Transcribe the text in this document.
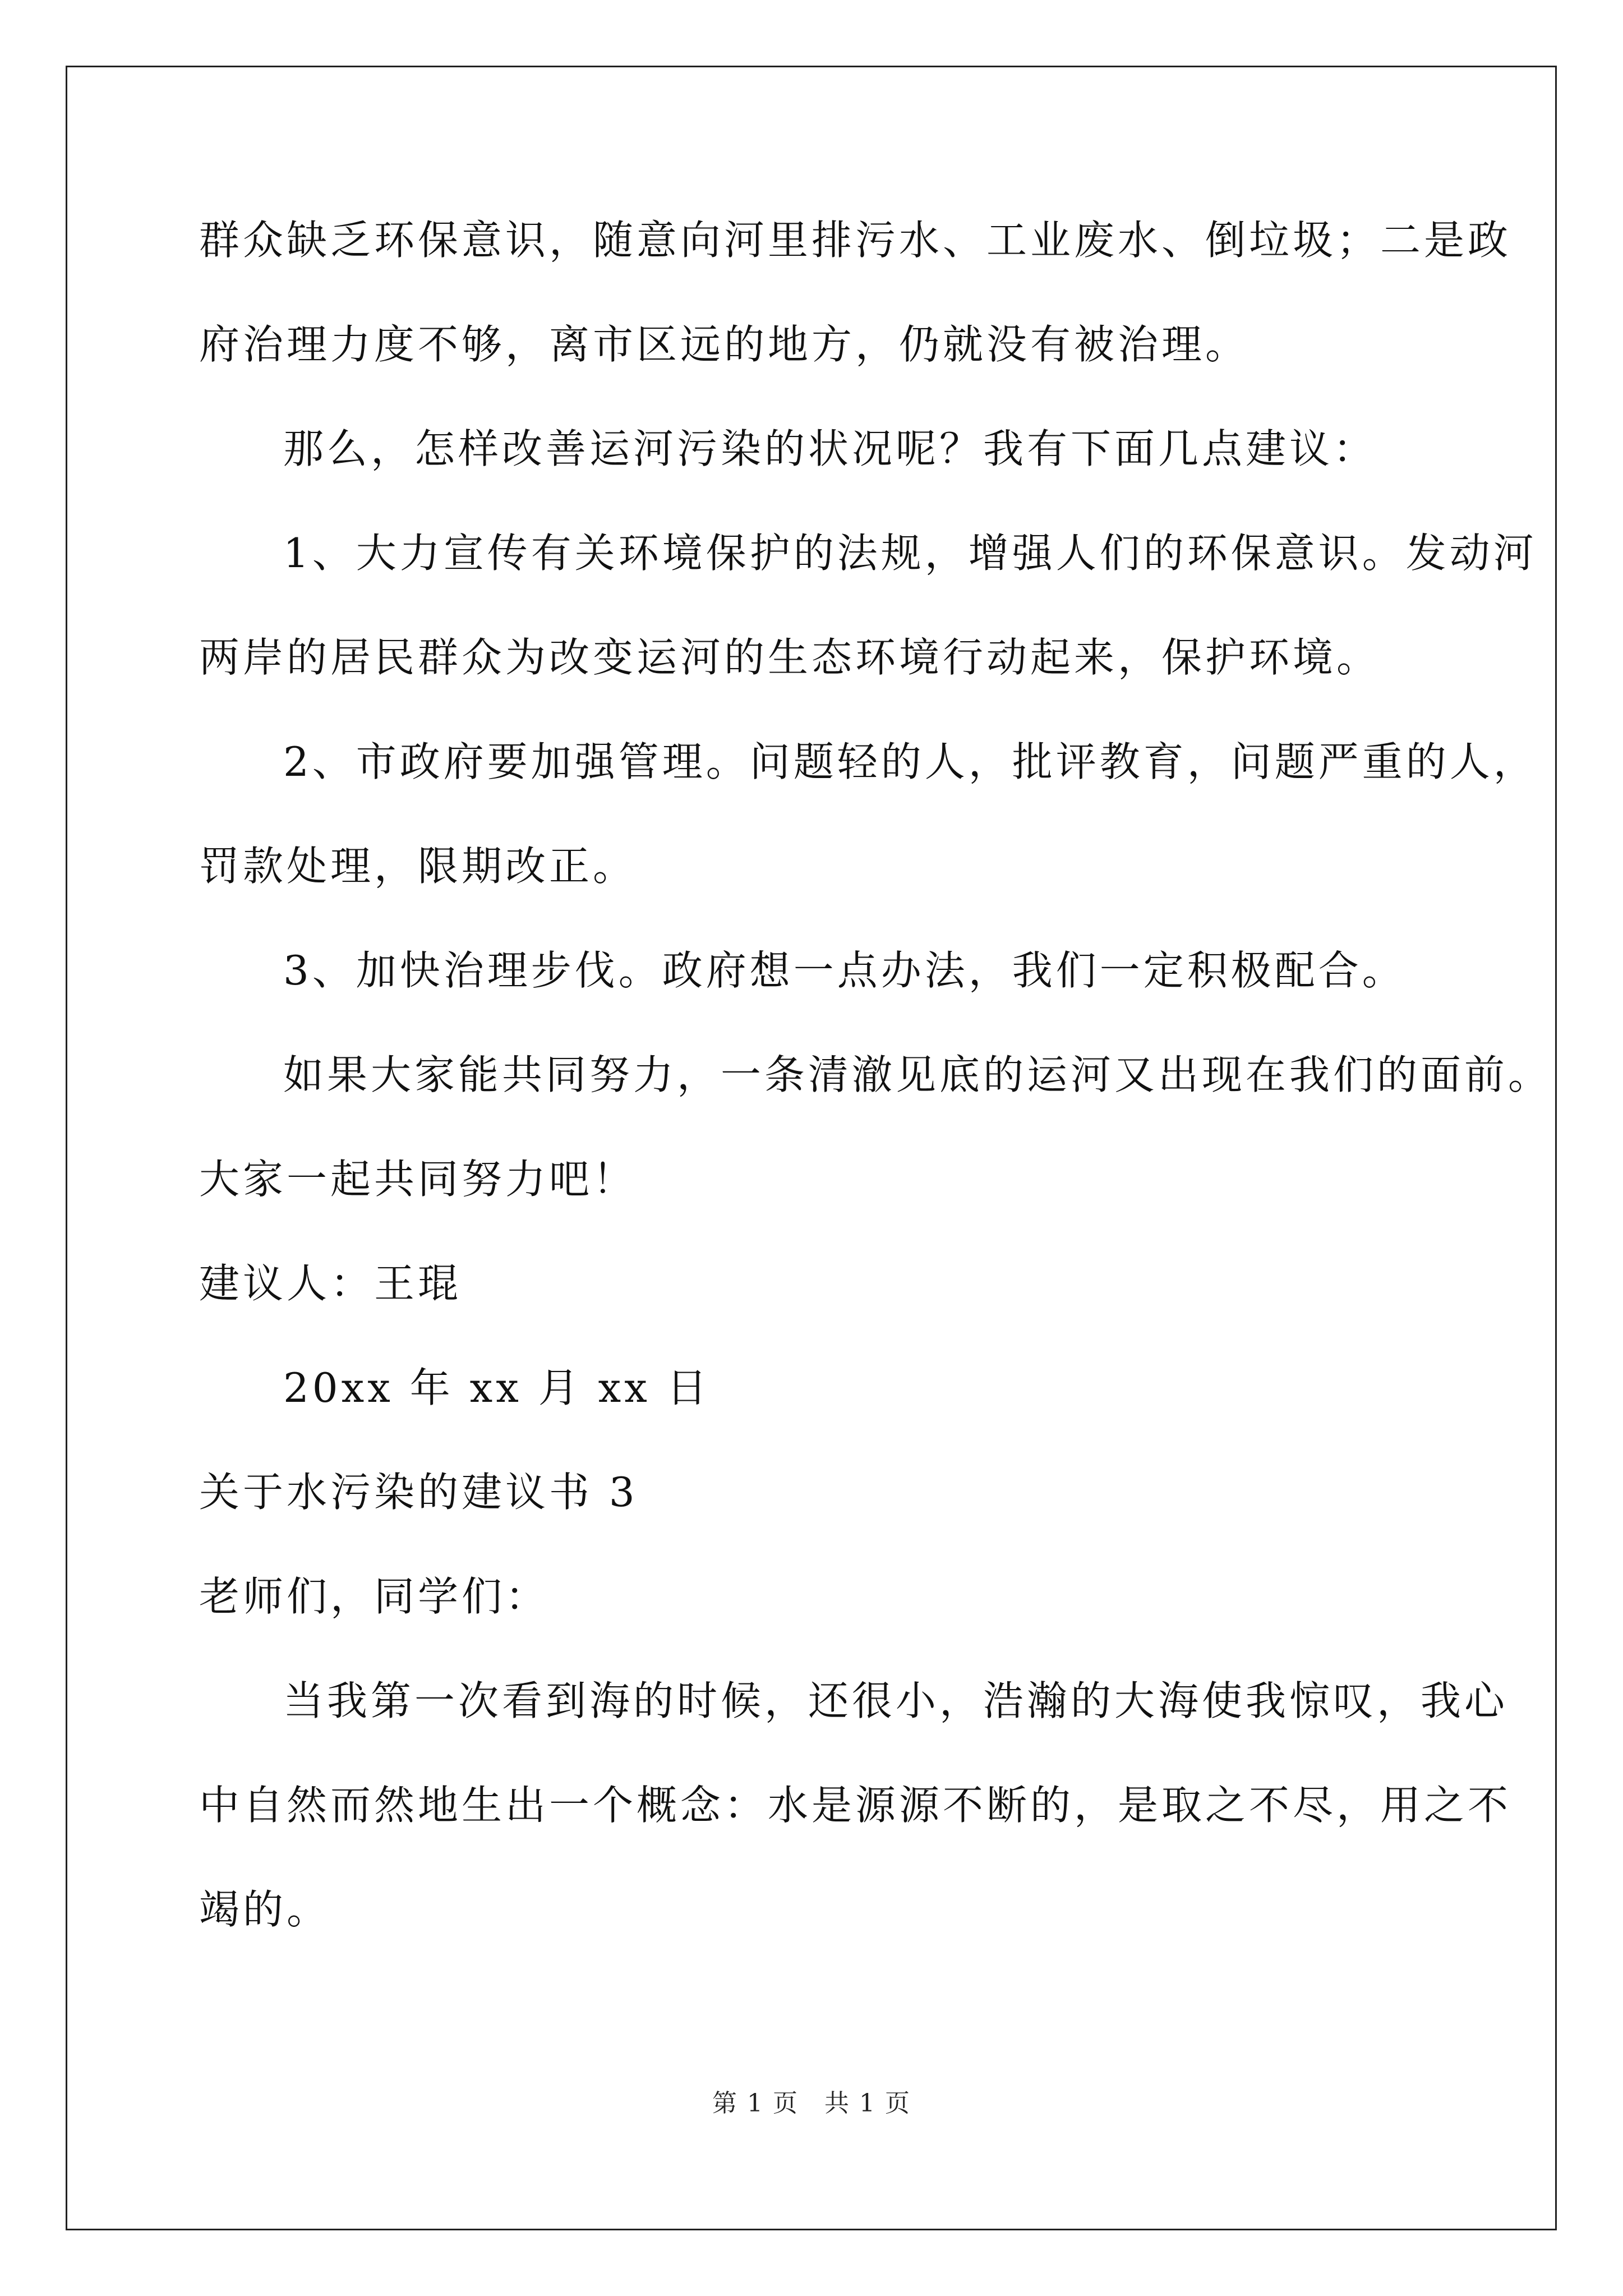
群众缺乏环保意识，随意向河里排污水、工业废水、倒垃圾；二是政
府治理力度不够，离市区远的地方，仍就没有被治理。
那么，怎样改善运河污染的状况呢？我有下面几点建议：
1、大力宣传有关环境保护的法规，增强人们的环保意识。发动河
两岸的居民群众为改变运河的生态环境行动起来，保护环境。
2、市政府要加强管理。问题轻的人，批评教育，问题严重的人，
罚款处理，限期改正。
3、加快治理步伐。政府想一点办法，我们一定积极配合。
如果大家能共同努力，一条清澈见底的运河又出现在我们的面前。
大家一起共同努力吧！
建议人：王琨
20xx 年 xx 月 xx 日
关于水污染的建议书 3
老师们，同学们：
当我第一次看到海的时候，还很小，浩瀚的大海使我惊叹，我心
中自然而然地生出一个概念：水是源源不断的，是取之不尽，用之不
竭的。
第 1 页　共 1 页
